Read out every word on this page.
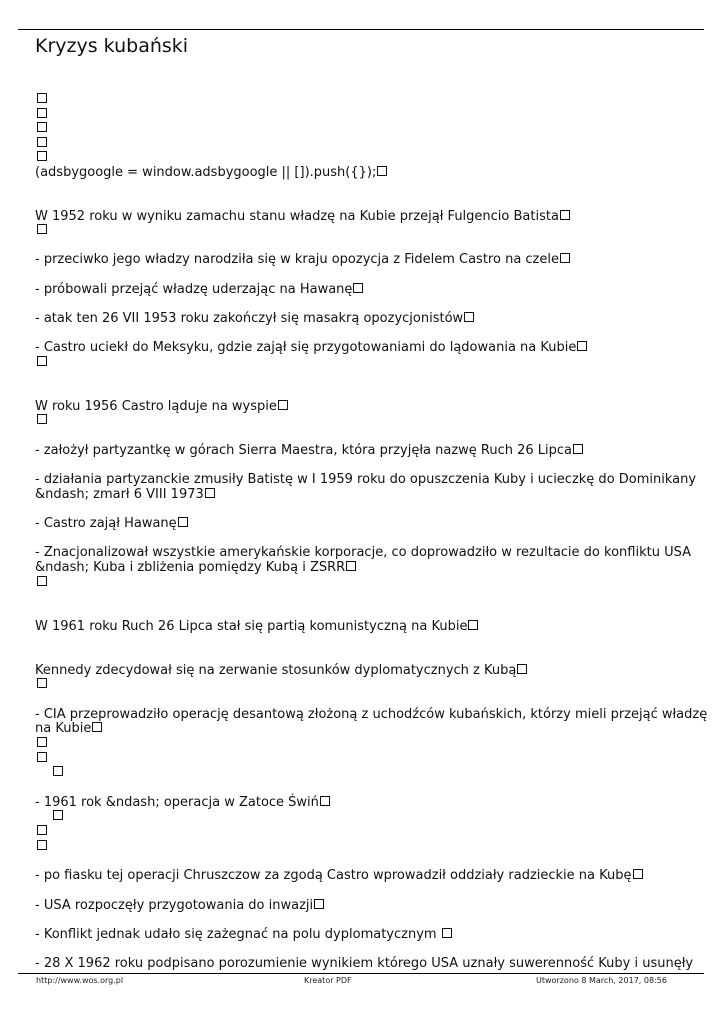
Kryzys kubański
(adsbygoogle = window.adsbygoogle || []).push({});
W 1952 roku w wyniku zamachu stanu władzę na Kubie przejął Fulgencio Batista
- przeciwko jego władzy narodziła się w kraju opozycja z Fidelem Castro na czele
- próbowali przejąć władzę uderzając na Hawanę
- atak ten 26 VII 1953 roku zakończył się masakrą opozycjonistów
- Castro uciekł do Meksyku, gdzie zajął się przygotowaniami do lądowania na Kubie
W roku 1956 Castro ląduje na wyspie
- założył partyzantkę w górach Sierra Maestra, która przyjęła nazwę Ruch 26 Lipca
- działania partyzanckie zmusiły Batistę w I 1959 roku do opuszczenia Kuby i ucieczkę do Dominikany
&ndash; zmarł 6 VIII 1973
- Castro zajął Hawanę
- Znacjonalizował wszystkie amerykańskie korporacje, co doprowadziło w rezultacie do konfliktu USA
&ndash; Kuba i zbliżenia pomiędzy Kubą i ZSRR
W 1961 roku Ruch 26 Lipca stał się partią komunistyczną na Kubie
Kennedy zdecydował się na zerwanie stosunków dyplomatycznych z Kubą
- CIA przeprowadziło operację desantową złożoną z uchodźców kubańskich, którzy mieli przejąć władzę
na Kubie
- 1961 rok &ndash; operacja w Zatoce Świń
- po fiasku tej operacji Chruszczow za zgodą Castro wprowadził oddziały radzieckie na Kubę
- USA rozpoczęły przygotowania do inwazji
- Konflikt jednak udało się zażegnać na polu dyplomatycznym
- 28 X 1962 roku podpisano porozumienie wynikiem którego USA uznały suwerenność Kuby i usunęły
http://www.wos.org.pl	Kreator PDF	Utworzono 8 March, 2017, 08:56
